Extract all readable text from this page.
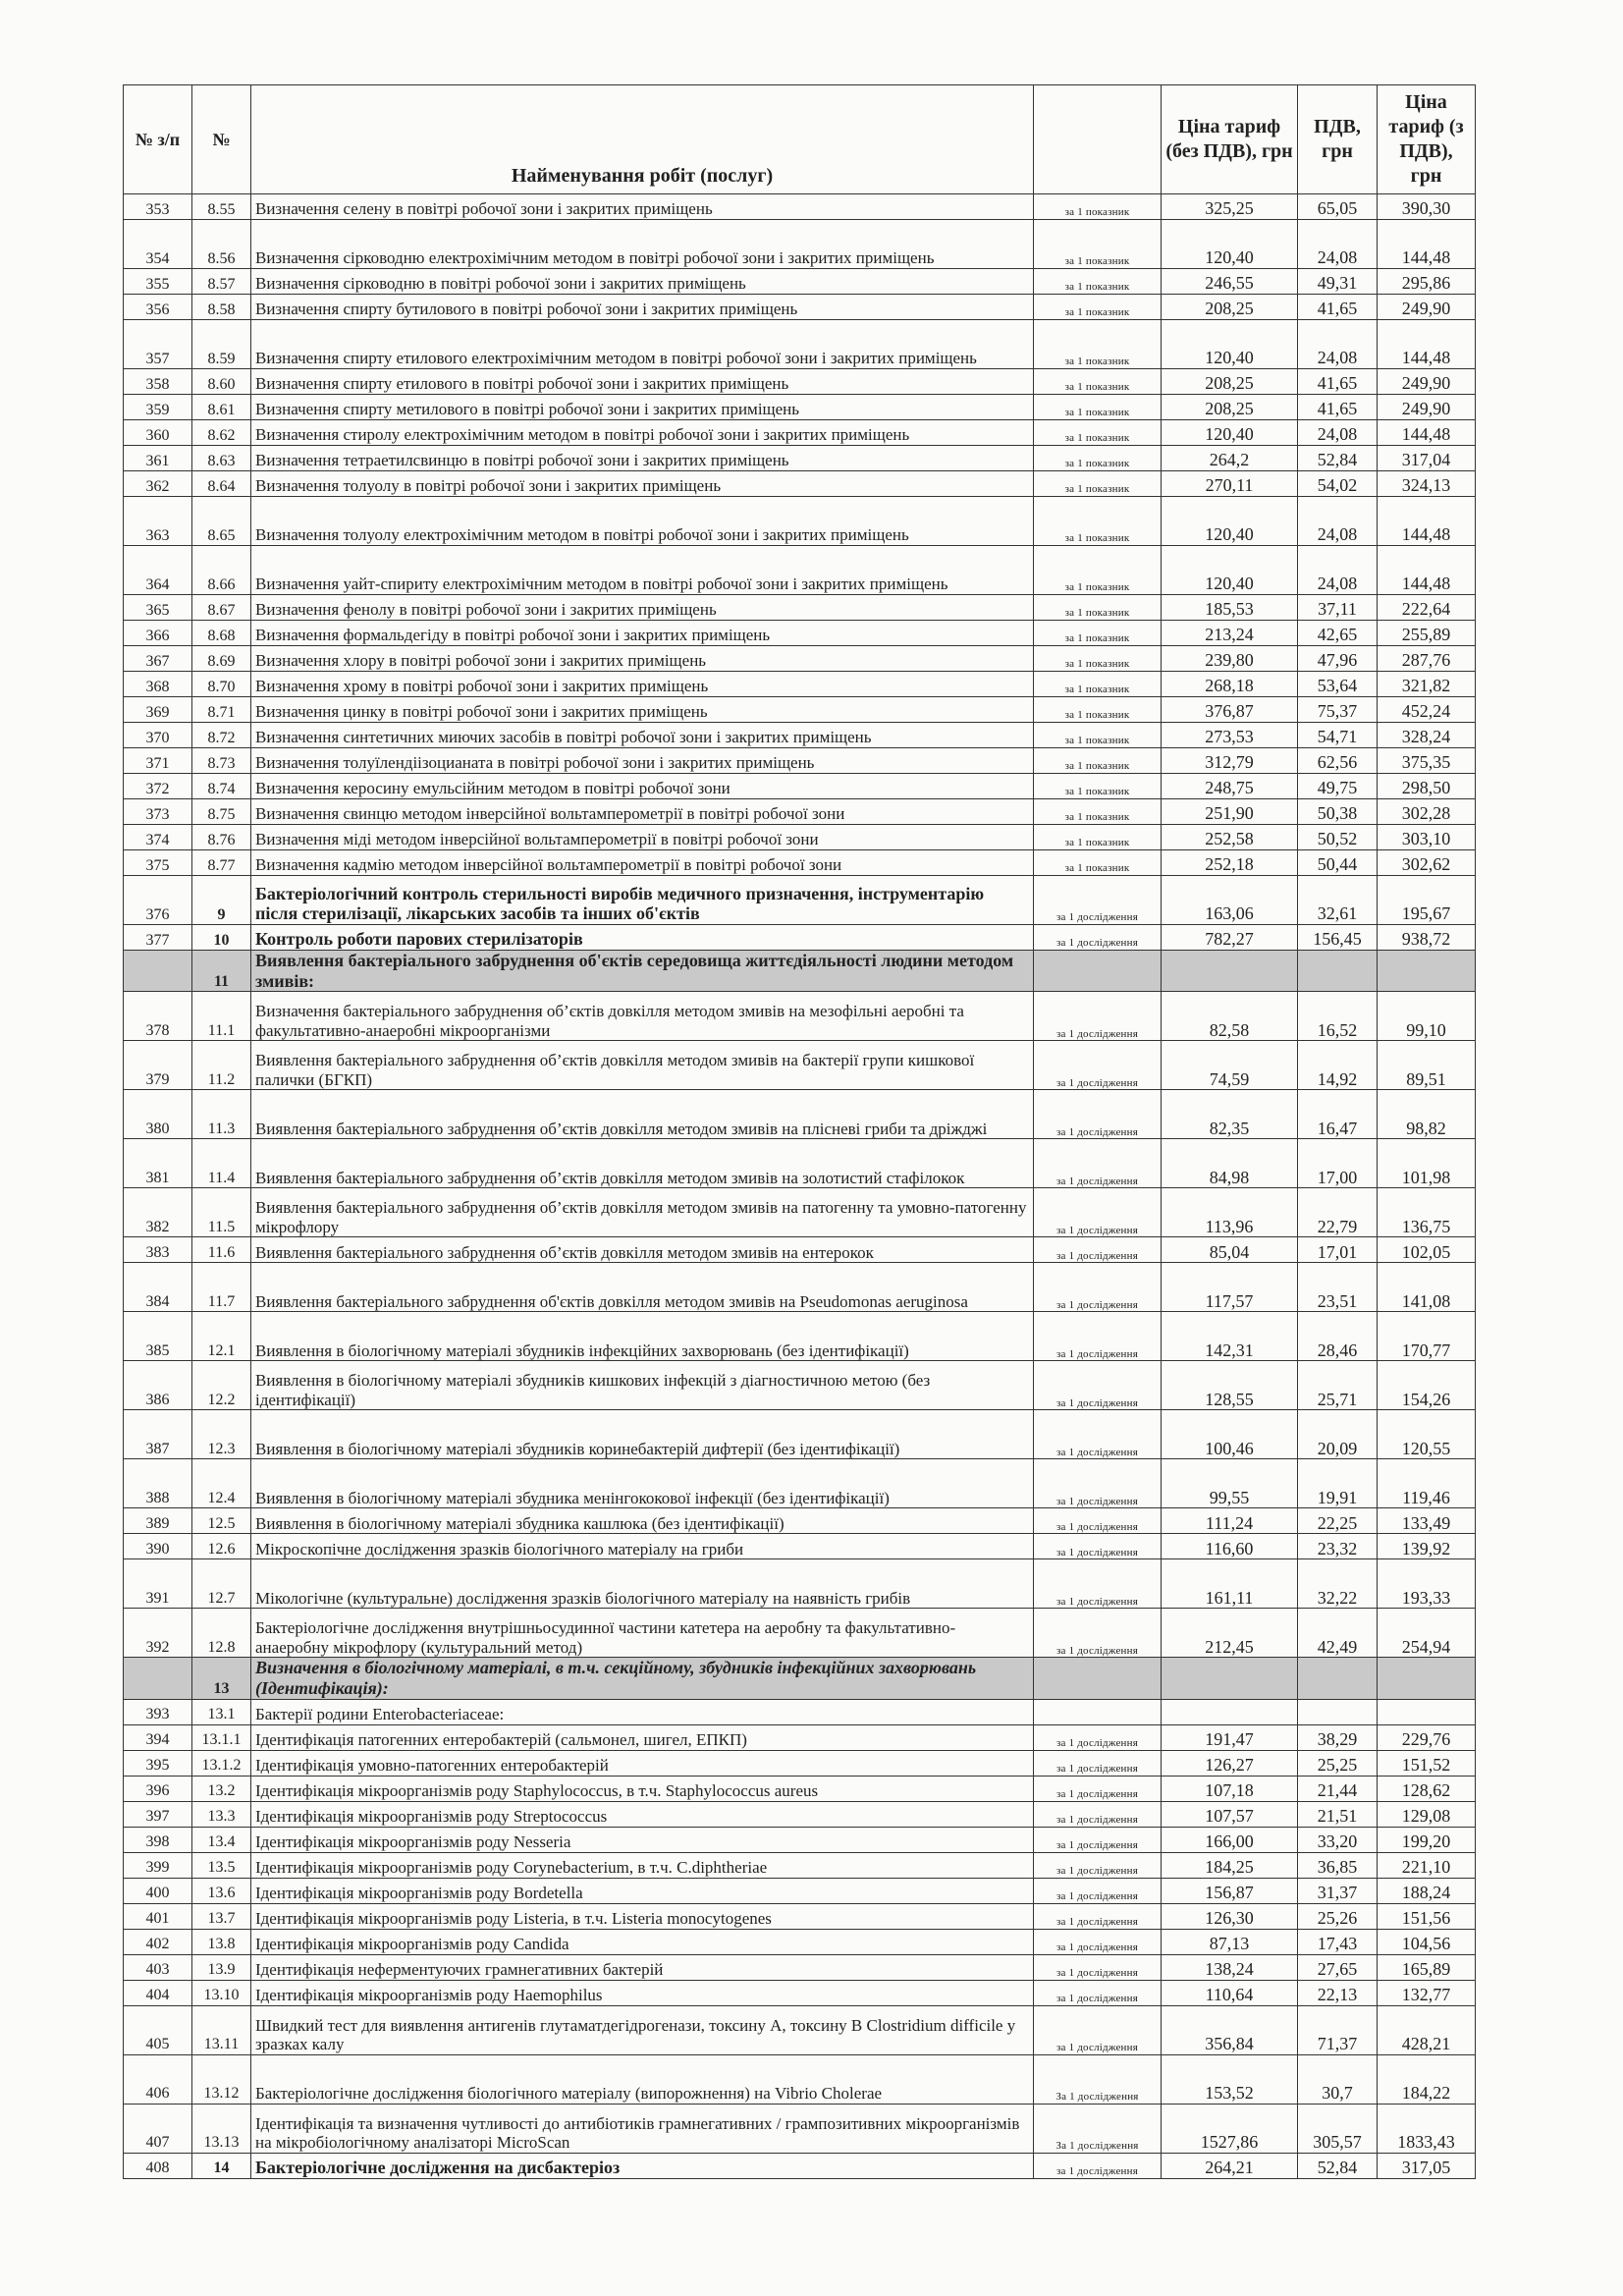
№ з/п	№	Найменування робіт (послуг)		Ціна тариф (без ПДВ), грн	ПДВ, грн	Ціна тариф (з ПДВ), грн
353	8.55	Визначення селену в повітрі робочої зони і закритих приміщень	за 1 показник	325,25	65,05	390,30
354	8.56	Визначення сірководню електрохімічним методом в повітрі робочої зони і закритих приміщень	за 1 показник	120,40	24,08	144,48
355	8.57	Визначення сірководню в повітрі робочої зони і закритих приміщень	за 1 показник	246,55	49,31	295,86
356	8.58	Визначення спирту бутилового в повітрі робочої зони і закритих приміщень	за 1 показник	208,25	41,65	249,90
357	8.59	Визначення спирту етилового електрохімічним методом в повітрі робочої зони і закритих приміщень	за 1 показник	120,40	24,08	144,48
358	8.60	Визначення спирту етилового в повітрі робочої зони і закритих приміщень	за 1 показник	208,25	41,65	249,90
359	8.61	Визначення спирту метилового в повітрі робочої зони і закритих приміщень	за 1 показник	208,25	41,65	249,90
360	8.62	Визначення стиролу електрохімічним методом в повітрі робочої зони і закритих приміщень	за 1 показник	120,40	24,08	144,48
361	8.63	Визначення тетраетилсвинцю в повітрі робочої зони і закритих приміщень	за 1 показник	264,2	52,84	317,04
362	8.64	Визначення толуолу в повітрі робочої зони і закритих приміщень	за 1 показник	270,11	54,02	324,13
363	8.65	Визначення толуолу електрохімічним методом в повітрі робочої зони і закритих приміщень	за 1 показник	120,40	24,08	144,48
364	8.66	Визначення уайт-спириту електрохімічним методом в повітрі робочої зони і закритих приміщень	за 1 показник	120,40	24,08	144,48
365	8.67	Визначення фенолу в повітрі робочої зони і закритих приміщень	за 1 показник	185,53	37,11	222,64
366	8.68	Визначення формальдегіду в повітрі робочої зони і закритих приміщень	за 1 показник	213,24	42,65	255,89
367	8.69	Визначення хлору в повітрі робочої зони і закритих приміщень	за 1 показник	239,80	47,96	287,76
368	8.70	Визначення хрому в повітрі робочої зони і закритих приміщень	за 1 показник	268,18	53,64	321,82
369	8.71	Визначення цинку в повітрі робочої зони і закритих приміщень	за 1 показник	376,87	75,37	452,24
370	8.72	Визначення синтетичних миючих засобів в повітрі робочої зони і закритих приміщень	за 1 показник	273,53	54,71	328,24
371	8.73	Визначення толуїлендіізоцианата в повітрі робочої зони і закритих приміщень	за 1 показник	312,79	62,56	375,35
372	8.74	Визначення керосину емульсійним методом в повітрі робочої зони	за 1 показник	248,75	49,75	298,50
373	8.75	Визначення свинцю методом інверсійної вольтамперометрії в повітрі робочої зони	за 1 показник	251,90	50,38	302,28
374	8.76	Визначення міді методом інверсійної вольтамперометрії в повітрі робочої зони	за 1 показник	252,58	50,52	303,10
375	8.77	Визначення кадмію методом інверсійної вольтамперометрії в повітрі робочої зони	за 1 показник	252,18	50,44	302,62
376	9	Бактеріологічний контроль стерильності виробів медичного призначення, інструментарію після стерилізації, лікарських засобів та інших об'єктів	за 1 дослідження	163,06	32,61	195,67
377	10	Контроль роботи парових стерилізаторів	за 1 дослідження	782,27	156,45	938,72
	11	Виявлення бактеріального забруднення об'єктів середовища життєдіяльності людини методом змивів:				
378	11.1	Визначення бактеріального забруднення об’єктів довкілля методом змивів на мезофільні аеробні та факультативно-анаеробні мікроорганізми	за 1 дослідження	82,58	16,52	99,10
379	11.2	Виявлення бактеріального забруднення об’єктів довкілля методом змивів на бактерії групи кишкової палички (БГКП)	за 1 дослідження	74,59	14,92	89,51
380	11.3	Виявлення бактеріального забруднення об’єктів довкілля методом змивів на плісневі гриби та дріжджі	за 1 дослідження	82,35	16,47	98,82
381	11.4	Виявлення бактеріального забруднення об’єктів довкілля методом змивів на золотистий стафілокок	за 1 дослідження	84,98	17,00	101,98
382	11.5	Виявлення бактеріального забруднення об’єктів довкілля методом змивів на патогенну та умовно-патогенну мікрофлору	за 1 дослідження	113,96	22,79	136,75
383	11.6	Виявлення бактеріального забруднення об’єктів довкілля методом змивів на ентерокок	за 1 дослідження	85,04	17,01	102,05
384	11.7	Виявлення бактеріального забруднення об'єктів довкілля методом змивів на Pseudomonas aeruginosa	за 1 дослідження	117,57	23,51	141,08
385	12.1	Виявлення в біологічному матеріалі збудників інфекційних захворювань (без ідентифікації)	за 1 дослідження	142,31	28,46	170,77
386	12.2	Виявлення в біологічному матеріалі збудників кишкових інфекцій з діагностичною метою (без ідентифікації)	за 1 дослідження	128,55	25,71	154,26
387	12.3	Виявлення в біологічному матеріалі збудників коринебактерій дифтерії (без ідентифікації)	за 1 дослідження	100,46	20,09	120,55
388	12.4	Виявлення в біологічному матеріалі збудника менінгококової інфекції (без ідентифікації)	за 1 дослідження	99,55	19,91	119,46
389	12.5	Виявлення в біологічному матеріалі збудника кашлюка (без ідентифікації)	за 1 дослідження	111,24	22,25	133,49
390	12.6	Мікроскопічне дослідження зразків біологічного матеріалу на гриби	за 1 дослідження	116,60	23,32	139,92
391	12.7	Мікологічне (культуральне) дослідження зразків біологічного матеріалу на наявність грибів	за 1 дослідження	161,11	32,22	193,33
392	12.8	Бактеріологічне дослідження внутрішньосудинної частини катетера на аеробну та факультативно-анаеробну мікрофлору (культуральний метод)	за 1 дослідження	212,45	42,49	254,94
	13	Визначення в біологічному матеріалі, в т.ч. секційному, збудників інфекційних захворювань (Ідентифікація):				
393	13.1	Бактерії родини Enterobacteriaceae:				
394	13.1.1	Ідентифікація патогенних ентеробактерій (сальмонел, шигел, ЕПКП)	за 1 дослідження	191,47	38,29	229,76
395	13.1.2	Ідентифікація умовно-патогенних ентеробактерій	за 1 дослідження	126,27	25,25	151,52
396	13.2	Ідентифікація мікроорганізмів роду Staphylococcus, в т.ч. Staphylococcus aureus	за 1 дослідження	107,18	21,44	128,62
397	13.3	Ідентифікація мікроорганізмів роду Streptococcus	за 1 дослідження	107,57	21,51	129,08
398	13.4	Ідентифікація мікроорганізмів роду Nesseria	за 1 дослідження	166,00	33,20	199,20
399	13.5	Ідентифікація мікроорганізмів роду Corynebacterium, в т.ч. C.diphtheriae	за 1 дослідження	184,25	36,85	221,10
400	13.6	Ідентифікація мікроорганізмів роду Bordetella	за 1 дослідження	156,87	31,37	188,24
401	13.7	Ідентифікація мікроорганізмів роду Listeria, в т.ч. Listeria monocytogenes	за 1 дослідження	126,30	25,26	151,56
402	13.8	Ідентифікація мікроорганізмів роду Candida	за 1 дослідження	87,13	17,43	104,56
403	13.9	Ідентифікація неферментуючих грамнегативних бактерій	за 1 дослідження	138,24	27,65	165,89
404	13.10	Ідентифікація мікроорганізмів роду Haemophilus	за 1 дослідження	110,64	22,13	132,77
405	13.11	Швидкий тест для виявлення антигенів глутаматдегідрогенази, токсину А, токсину В Clostridium difficile у зразках калу	за 1 дослідження	356,84	71,37	428,21
406	13.12	Бактеріологічне дослідження біологічного матеріалу (випорожнення) на Vibrio Cholerae	За 1 дослідження	153,52	30,7	184,22
407	13.13	Ідентифікація та визначення чутливості до антибіотиків грамнегативних / грампозитивних мікроорганізмів на мікробіологічному аналізаторі MicroScan	За 1 дослідження	1527,86	305,57	1833,43
408	14	Бактеріологічне дослідження на дисбактеріоз	за 1 дослідження	264,21	52,84	317,05
